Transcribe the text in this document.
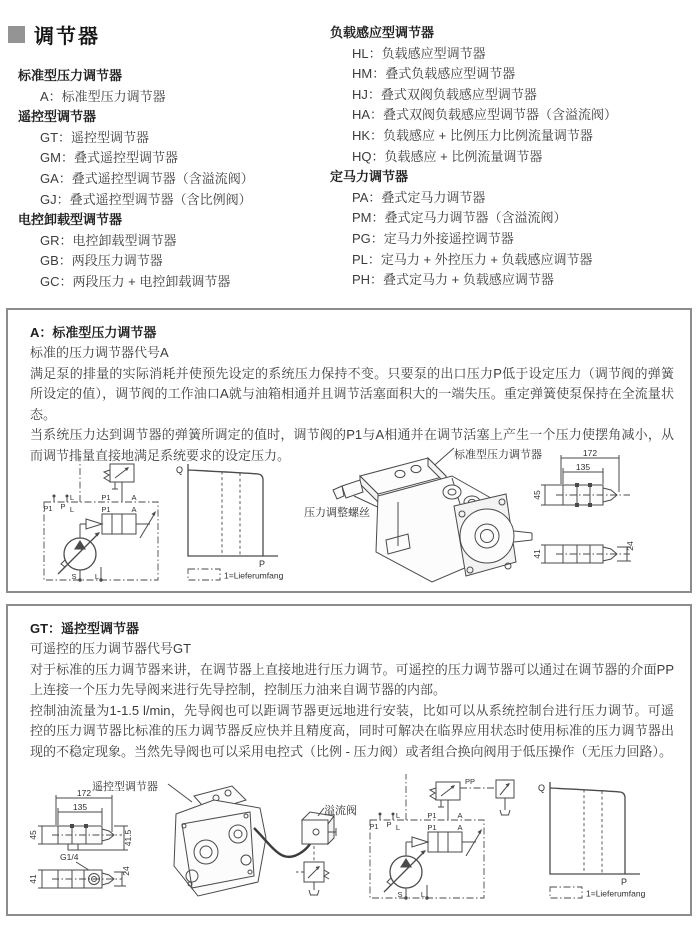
调节器
标准型压力调节器
A：标准型压力调节器
遥控型调节器
GT：遥控型调节器
GM：叠式遥控型调节器
GA：叠式遥控型调节器（含溢流阀）
GJ：叠式遥控型调节器（含比例阀）
电控卸载型调节器
GR：电控卸载型调节器
GB：两段压力调节器
GC：两段压力 + 电控卸载调节器
负载感应型调节器
HL：负载感应型调节器
HM：叠式负载感应型调节器
HJ：叠式双阀负载感应型调节器
HA：叠式双阀负载感应型调节器（含溢流阀）
HK：负载感应 + 比例压力比例流量调节器
HQ：负载感应 + 比例流量调节器
定马力调节器
PA：叠式定马力调节器
PM：叠式定马力调节器（含溢流阀）
PG：定马力外接遥控调节器
PL：定马力 + 外控压力 + 负载感应调节器
PH：叠式定马力 + 负载感应调节器
A：标准型压力调节器

标准的压力调节器代号A

满足泵的排量的实际消耗并使预先设定的系统压力保持不变。只要泵的出口压力P低于设定压力（调节阀的弹簧所设定的值），调节阀的工作油口A就与油箱相通并且调节活塞面积大的一端失压。重定弹簧使泵保持在全流量状态。

当系统压力达到调节器的弹簧所调定的值时，调节阀的P1与A相通并在调节活塞上产生一个压力使摆角减小，从而调节排量直接地满足系统要求的设定压力。

L	P1	A
L	P1	A
P1 P
S L
Q
P
1=Lieferumfang
标准型压力调节器
压力调整螺丝
172
135
45
41
24
GT：遥控型调节器

可遥控的压力调节器代号GT

对于标准的压力调节器来讲，在调节器上直接地进行压力调节。可遥控的压力调节器可以通过在调节器的介面PP上连接一个压力先导阀来进行先导控制，控制压力油来自调节器的内部。

控制油流量为1-1.5 l/min，先导阀也可以距调节器更远地进行安装，比如可以从系统控制台进行压力调节。可遥控的压力调节器比标准的压力调节器反应快并且精度高，同时可解决在临界应用状态时使用标准的压力调节器出现的不稳定现象。当然先导阀也可以采用电控式（比例 - 压力阀）或者组合换向阀用于低压操作（无压力回路）。

172
135
45	41.5
G1/4
41
24
遥控型调节器
溢流阀
PP
L	P1	A
L	P1	A
P1 P
S L
Q
P
1=Lieferumfang
